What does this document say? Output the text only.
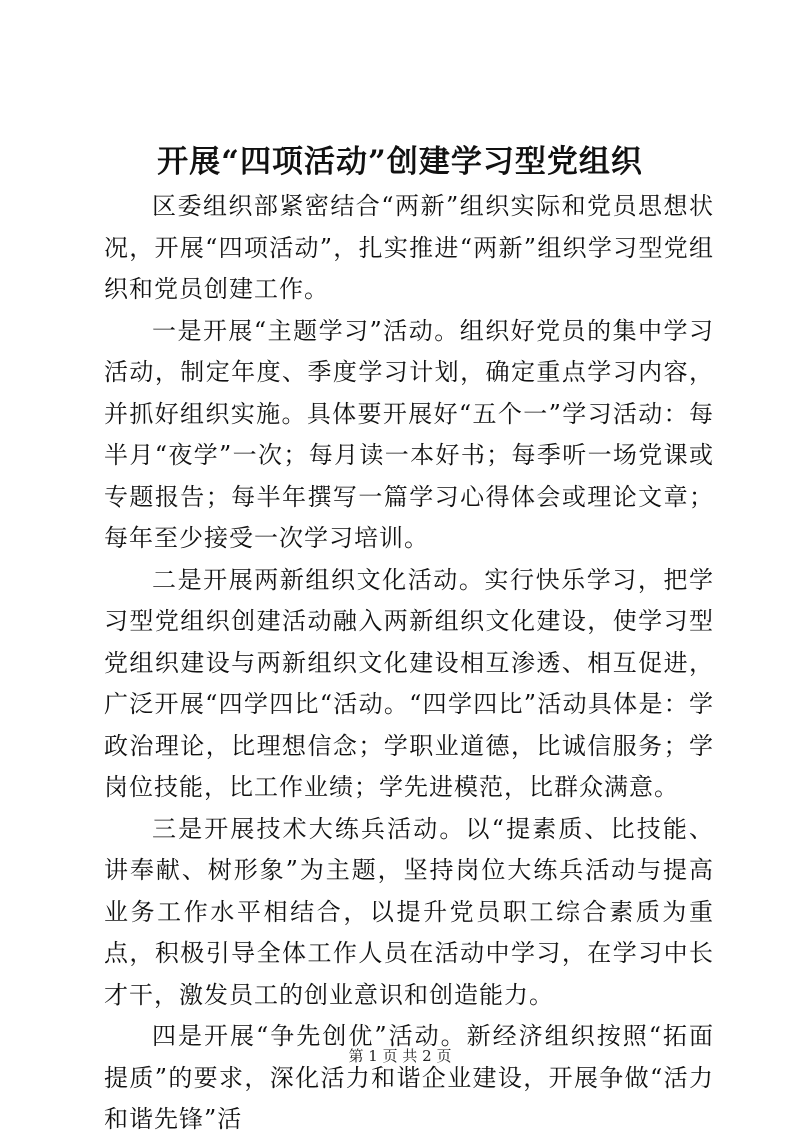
开展“四项活动”创建学习型党组织

区委组织部紧密结合“两新”组织实际和党员思想状况，开展“四项活动”，扎实推进“两新”组织学习型党组织和党员创建工作。

一是开展“主题学习”活动。组织好党员的集中学习活动，制定年度、季度学习计划，确定重点学习内容，并抓好组织实施。具体要开展好“五个一”学习活动：每半月“夜学”一次；每月读一本好书；每季听一场党课或专题报告；每半年撰写一篇学习心得体会或理论文章；每年至少接受一次学习培训。

二是开展两新组织文化活动。实行快乐学习，把学习型党组织创建活动融入两新组织文化建设，使学习型党组织建设与两新组织文化建设相互渗透、相互促进，广泛开展“四学四比“活动。“四学四比”活动具体是：学政治理论，比理想信念；学职业道德，比诚信服务；学岗位技能，比工作业绩；学先进模范，比群众满意。

三是开展技术大练兵活动。以“提素质、比技能、讲奉献、树形象”为主题，坚持岗位大练兵活动与提高业务工作水平相结合，以提升党员职工综合素质为重点，积极引导全体工作人员在活动中学习，在学习中长才干，激发员工的创业意识和创造能力。

四是开展“争先创优”活动。新经济组织按照“拓面提质”的要求，深化活力和谐企业建设，开展争做“活力和谐先锋”活

第 1 页 共 2 页
